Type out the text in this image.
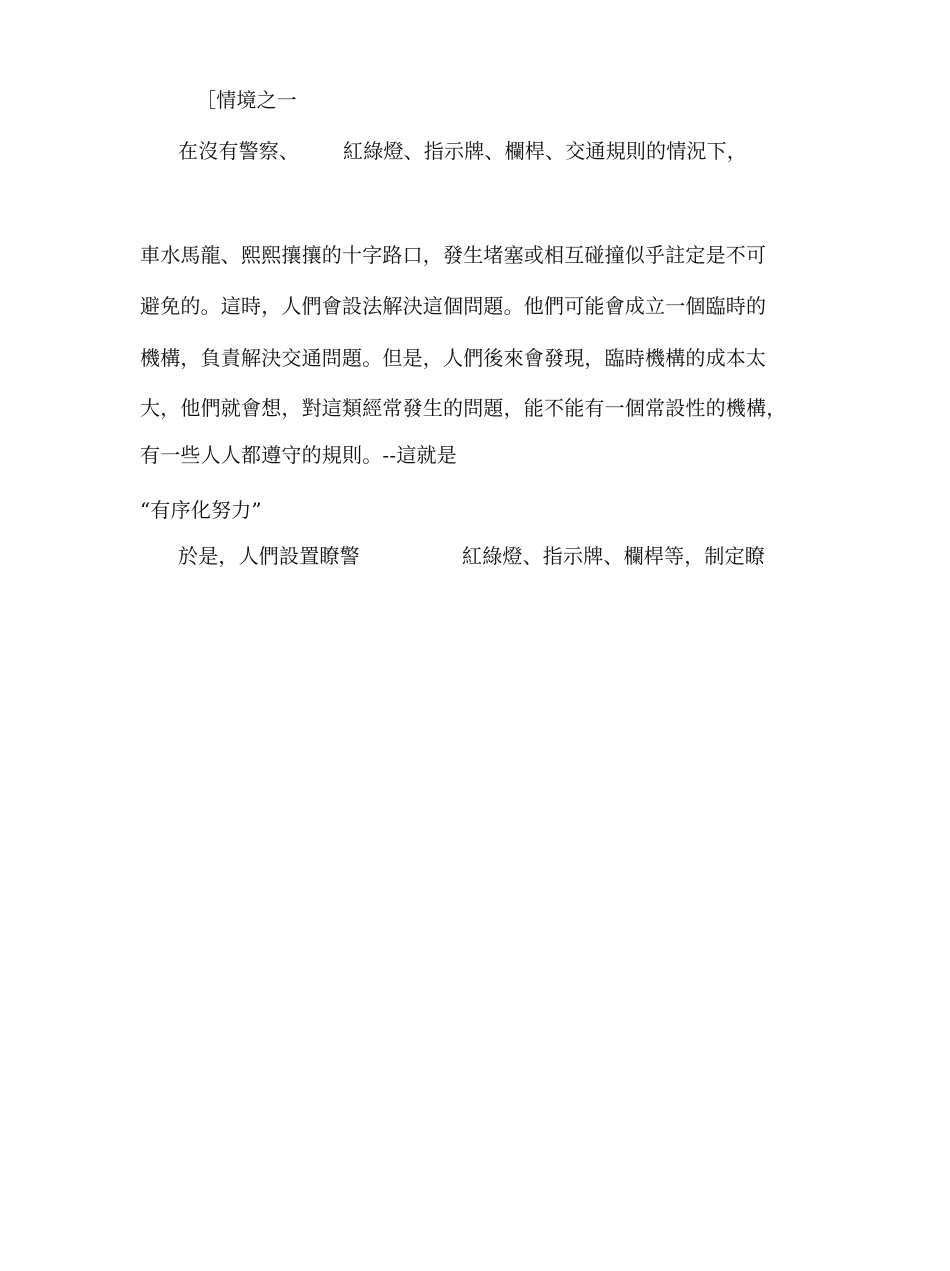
［情境之一
在沒有警察、 紅綠燈、指示牌、欄桿、交通規則的情況下，
車水馬龍、熙熙攘攘的十字路口，發生堵塞或相互碰撞似乎註定是不可
避免的。這時，人們會設法解決這個問題。他們可能會成立一個臨時的
機構，負責解決交通問題。但是，人們後來會發現，臨時機構的成本太
大，他們就會想，對這類經常發生的問題，能不能有一個常設性的機構，
有一些人人都遵守的規則。--這就是
“有序化努力”
於是，人們設置瞭警	紅綠燈、指示牌、欄桿等，制定瞭
